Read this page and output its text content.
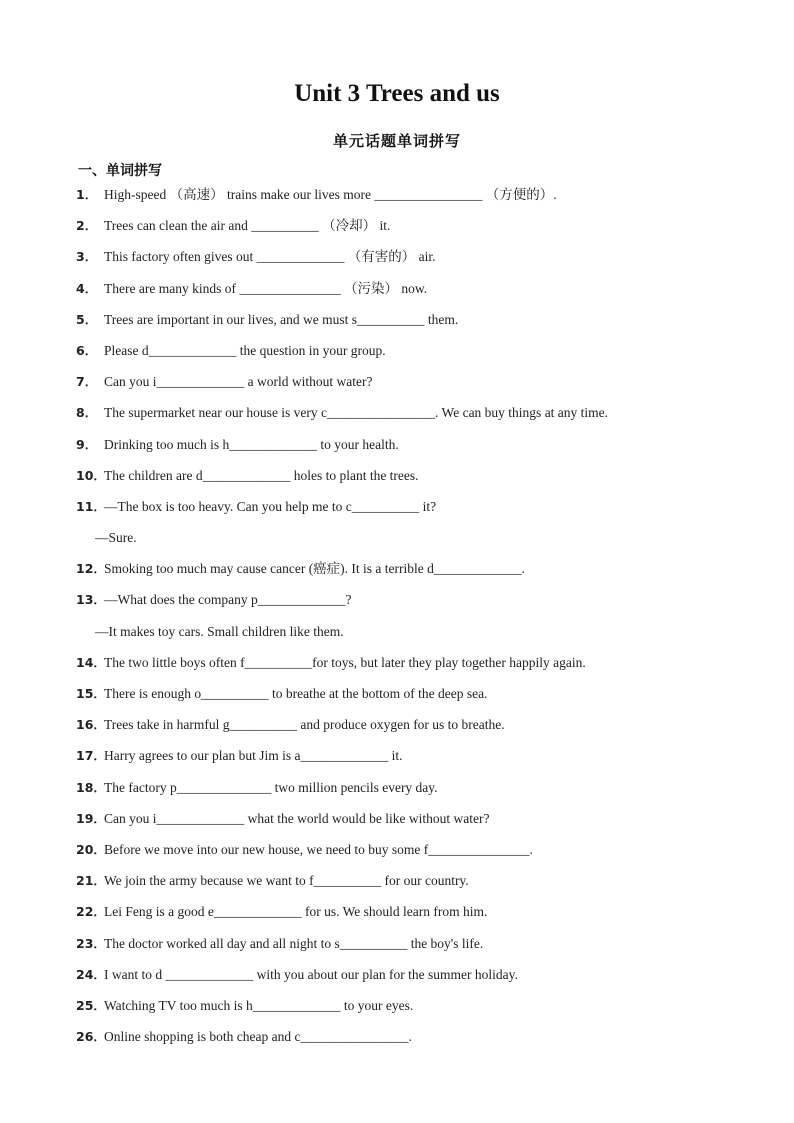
Unit 3 Trees and us
单元话题单词拼写
一、单词拼写
1． High-speed （高速） trains make our lives more ________________ （方便的）.
2． Trees can clean the air and __________ （冷却） it.
3． This factory often gives out _____________ （有害的） air.
4． There are many kinds of _______________ （污染） now.
5． Trees are important in our lives, and we must s__________ them.
6． Please d_____________ the question in your group.
7． Can you i_____________ a world without water?
8． The supermarket near our house is very c________________. We can buy things at any time.
9． Drinking too much is h_____________ to your health.
10．
The children are d_____________ holes to plant the trees.
11．
—The box is too heavy. Can you help me to c__________ it?
—Sure.
12．
Smoking too much may cause cancer (癌症). It is a terrible d_____________.
13．
—What does the company p_____________?
—It makes toy cars. Small children like them.
14．
The two little boys often f__________for toys, but later they play together happily again.
15．
There is enough o__________ to breathe at the bottom of the deep sea.
16．
Trees take in harmful g__________ and produce oxygen for us to breathe.
17．
Harry agrees to our plan but Jim is a_____________ it.
18．
The factory p______________ two million pencils every day.
19．
Can you i_____________ what the world would be like without water?
20．
Before we move into our new house, we need to buy some f_______________.
21．
We join the army because we want to f__________ for our country.
22．
Lei Feng is a good e_____________ for us. We should learn from him.
23．
The doctor worked all day and all night to s__________ the boy's life.
24．
I want to d _____________ with you about our plan for the summer holiday.
25．
Watching TV too much is h_____________ to your eyes.
26．
Online shopping is both cheap and c________________.
